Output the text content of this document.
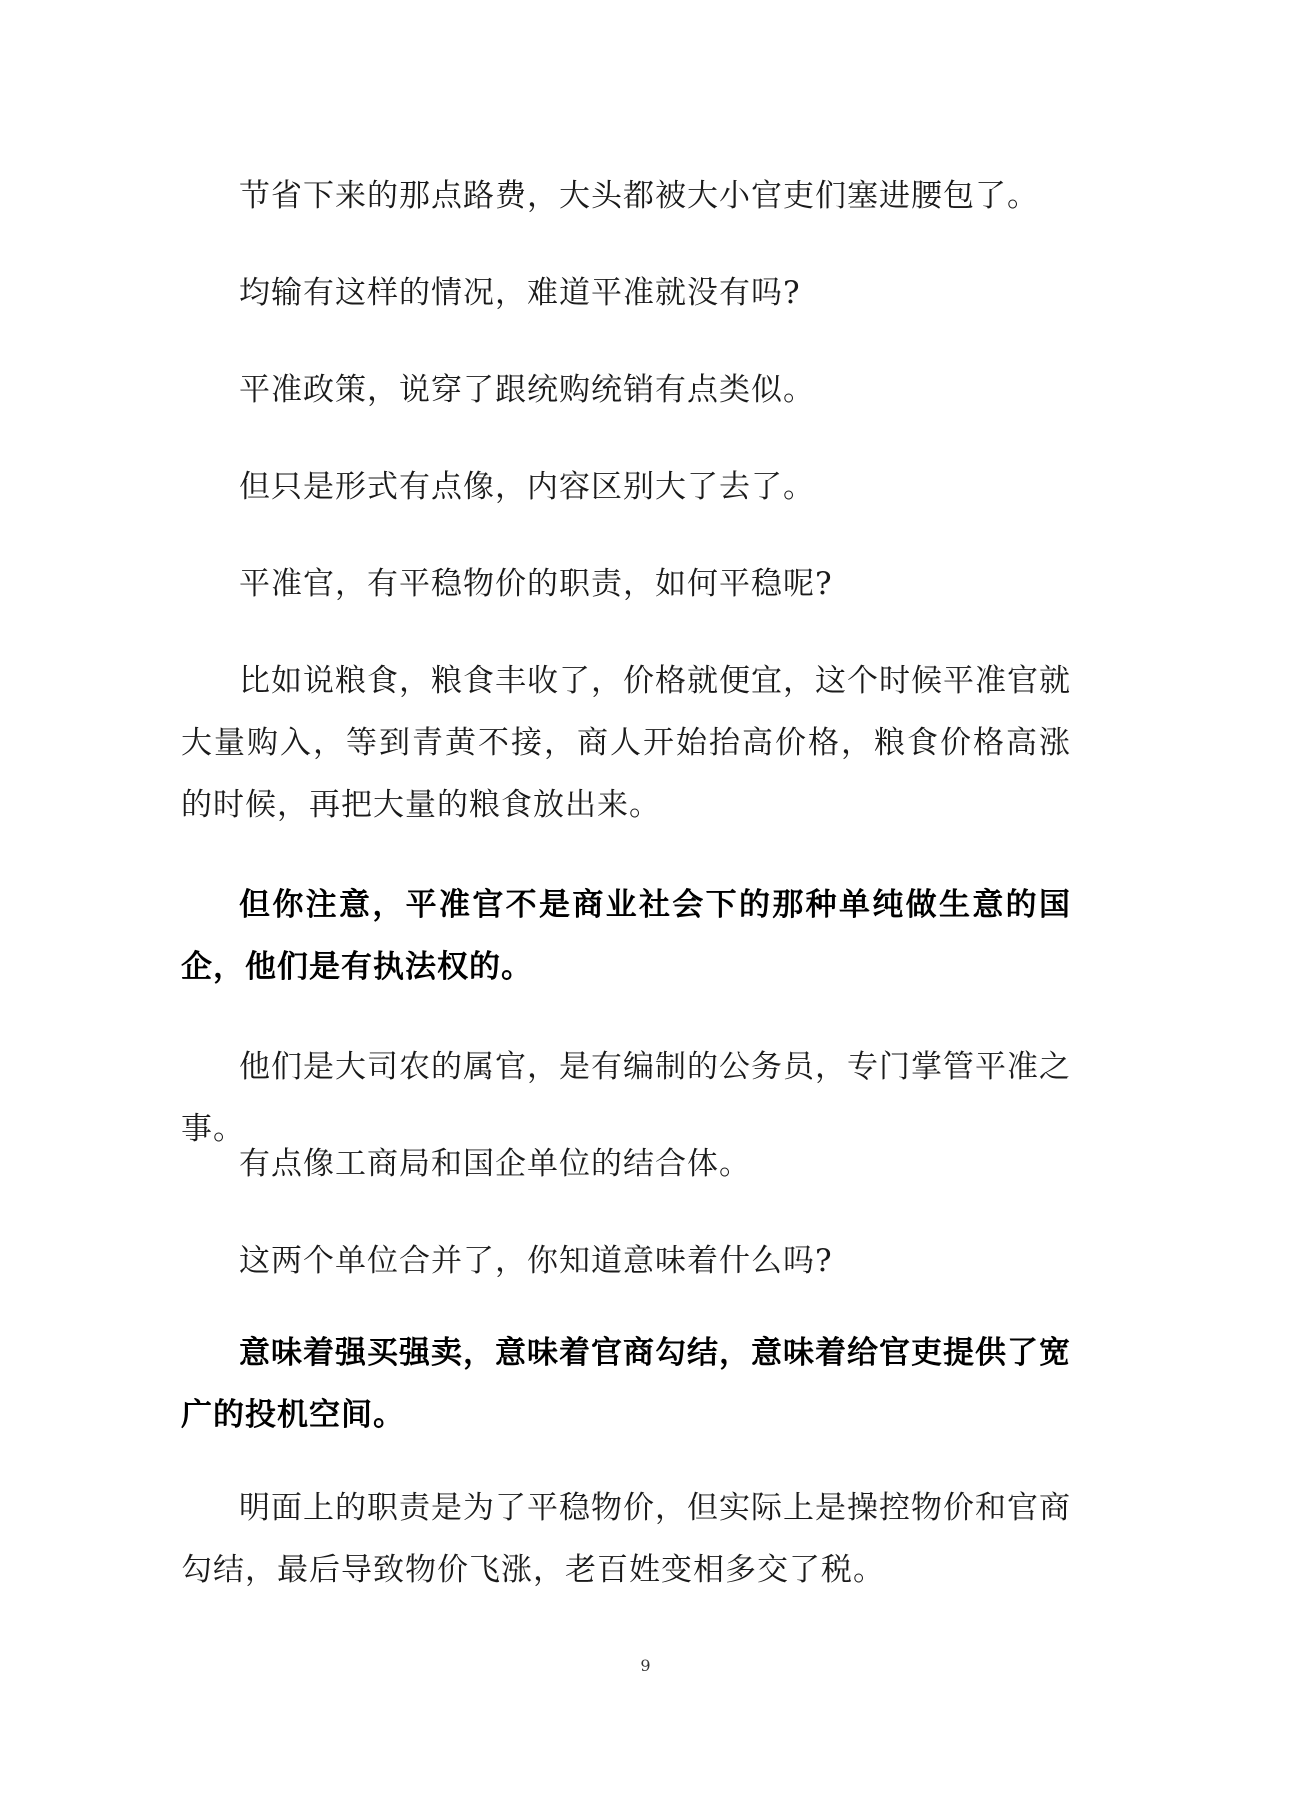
节省下来的那点路费，大头都被大小官吏们塞进腰包了。

均输有这样的情况，难道平准就没有吗?

平准政策，说穿了跟统购统销有点类似。

但只是形式有点像，内容区别大了去了。

平准官，有平稳物价的职责，如何平稳呢?

比如说粮食，粮食丰收了，价格就便宜，这个时候平准官就大量购入，等到青黄不接，商人开始抬高价格，粮食价格高涨的时候，再把大量的粮食放出来。

但你注意，平准官不是商业社会下的那种单纯做生意的国企，他们是有执法权的。

他们是大司农的属官，是有编制的公务员，专门掌管平准之事。

有点像工商局和国企单位的结合体。

这两个单位合并了，你知道意味着什么吗?

意味着强买强卖，意味着官商勾结，意味着给官吏提供了宽广的投机空间。

明面上的职责是为了平稳物价，但实际上是操控物价和官商勾结，最后导致物价飞涨，老百姓变相多交了税。

9
